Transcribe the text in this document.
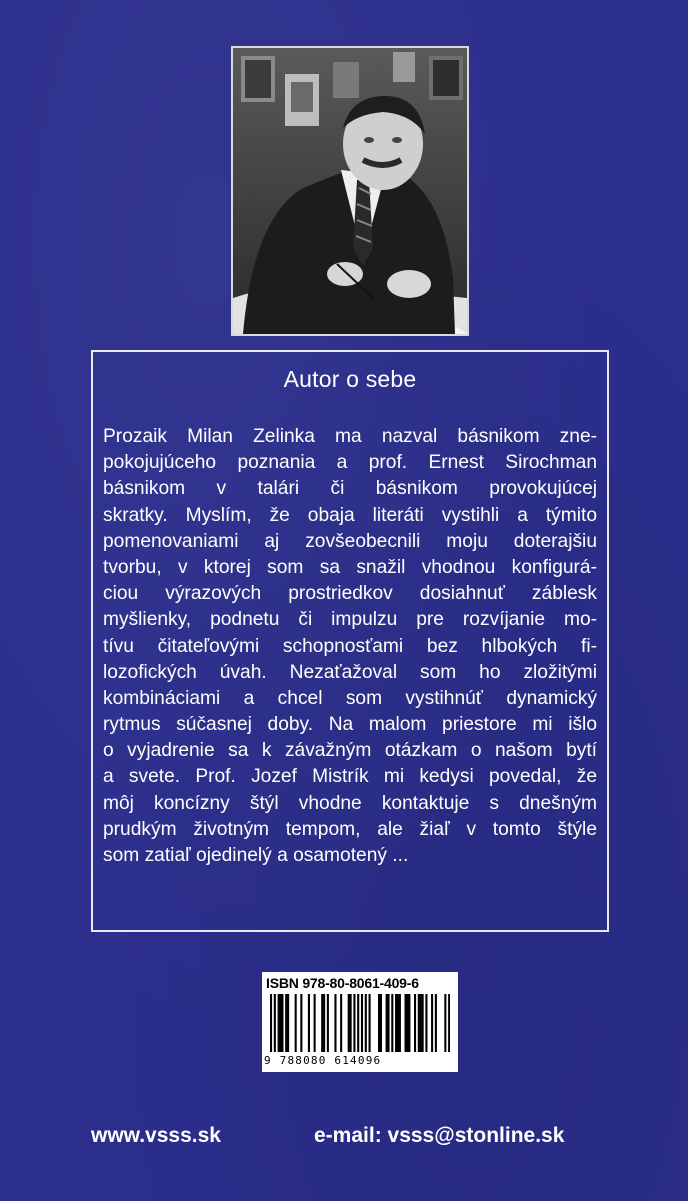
Autor o sebe
Prozaik Milan Zelinka ma nazval básnikom zne-
pokojujúceho poznania a prof. Ernest Sirochman
básnikom v talári či básnikom provokujúcej
skratky. Myslím, že obaja literáti vystihli a týmito
pomenovaniami aj zovšeobecnili moju doterajšiu
tvorbu, v ktorej som sa snažil vhodnou konfigurá-
ciou výrazových prostriedkov dosiahnuť záblesk
myšlienky, podnetu či impulzu pre rozvíjanie mo-
tívu čitateľovými schopnosťami bez hlbokých fi-
lozofických úvah. Nezaťažoval som ho zložitými
kombináciami a chcel som vystihnúť dynamický
rytmus súčasnej doby. Na malom priestore mi išlo
o vyjadrenie sa k závažným otázkam o našom bytí
a svete. Prof. Jozef Mistrík mi kedysi povedal, že
môj koncízny štýl vhodne kontaktuje s dnešným
prudkým životným tempom, ale žiaľ v tomto štýle
som zatiaľ ojedinelý a osamotený ...
ISBN 978-80-8061-409-6
9 788080 614096
www.vsss.sk	e-mail: vsss@stonline.sk
